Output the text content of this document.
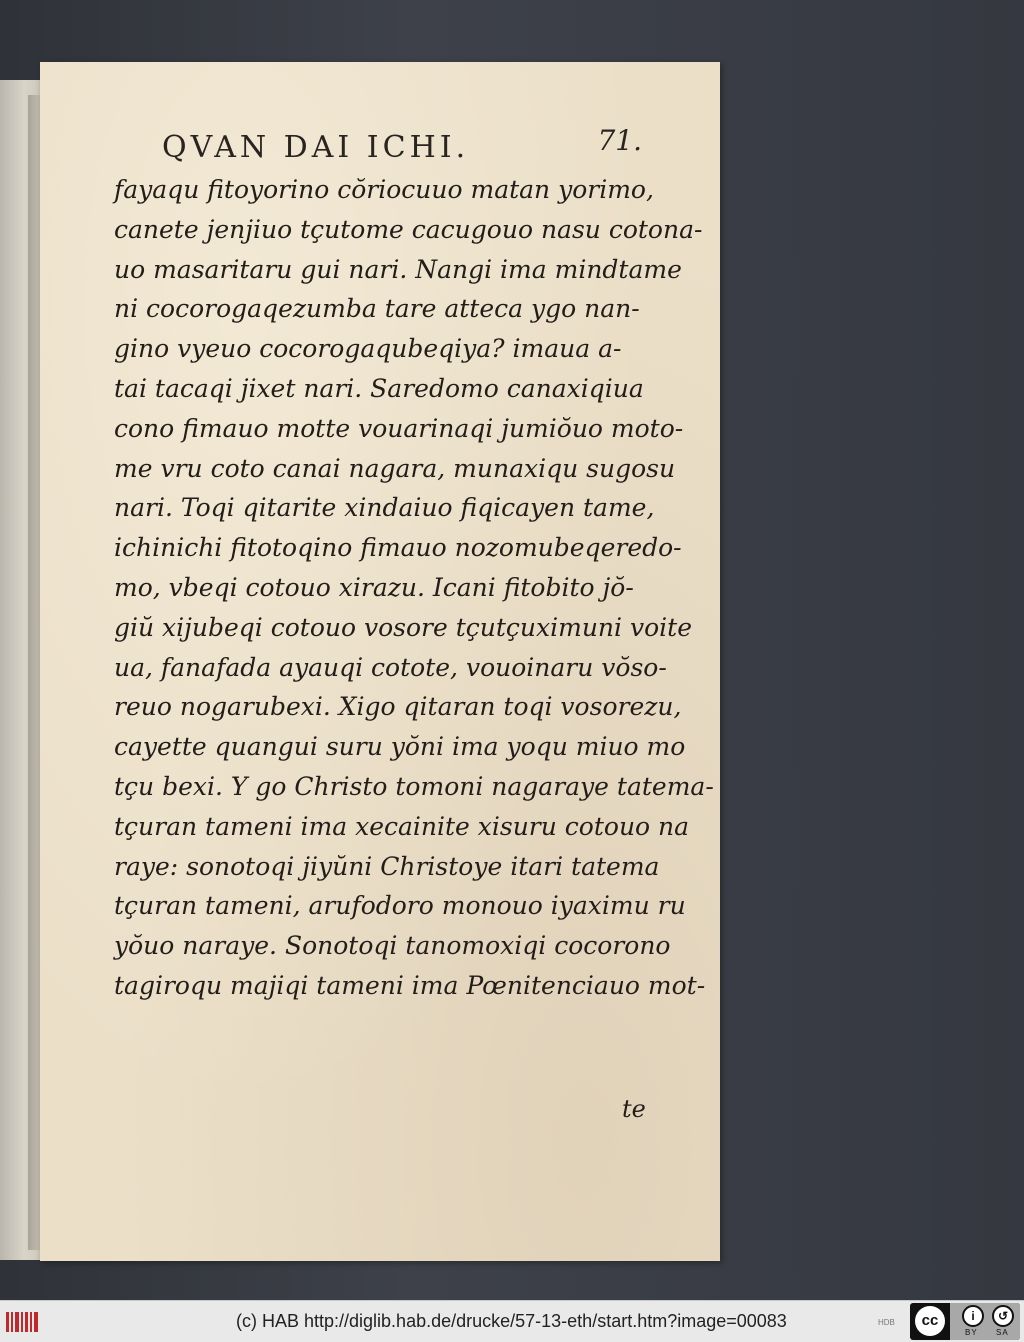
QVAN DAI ICHI.	71.
fayaqu fitoyorino cŏriocuuo matan yorimo,
canete jenjiuo tçutome cacugouo nasu cotona-
uo masaritaru gui nari. Nangi ima mindtame
ni cocorogaqezumba tare atteca ygo nan-
gino vyeuo cocorogaqubeqiya? imaua a-
tai tacaqi jixet nari. Saredomo canaxiqiua
cono fimauo motte vouarinaqi jumiŏuo moto-
me vru coto canai nagara, munaxiqu sugosu
nari. Toqi qitarite xindaiuo fiqicayen tame,
ichinichi fitotoqino fimauo nozomubeqeredo-
mo, vbeqi cotouo xirazu. Icani fitobito jŏ-
giŭ xijubeqi cotouo vosore tçutçuximuni voite
ua, fanafada ayauqi cotote, vouoinaru vŏso-
reuo nogarubexi. Xigo qitaran toqi vosorezu,
cayette quangui suru yŏni ima yoqu miuo mo
tçu bexi. Y go Christo tomoni nagaraye tatema-
tçuran tameni ima xecainite xisuru cotouo na
raye: sonotoqi jiyŭni Christoye itari tatema
tçuran tameni, arufodoro monouo iyaximu ru
yŏuo naraye. Sonotoqi tanomoxiqi cocorono
tagiroqu majiqi tameni ima Pœnitenciauo mot-
te
(c) HAB http://diglib.hab.de/drucke/57-13-eth/start.htm?image=00083	HDB	cc	i	↺
BY SA
